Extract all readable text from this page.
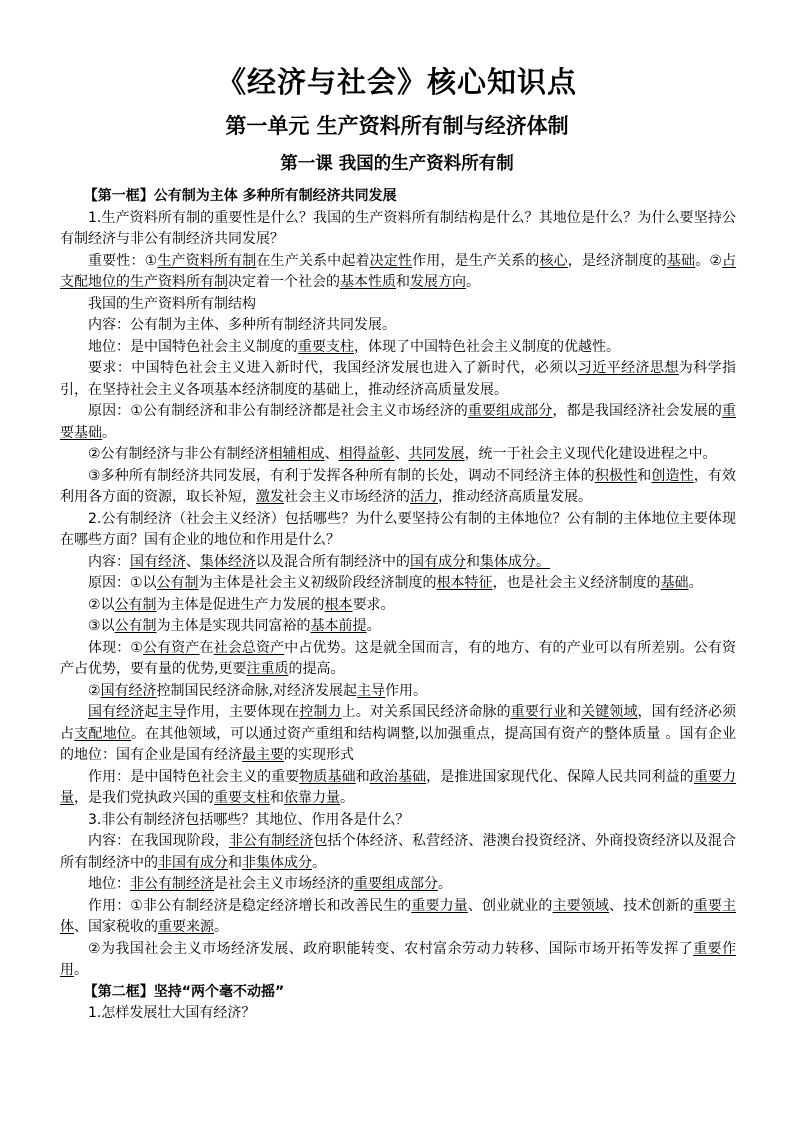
《经济与社会》核心知识点
第一单元 生产资料所有制与经济体制
第一课 我国的生产资料所有制

【第一框】公有制为主体 多种所有制经济共同发展

1.生产资料所有制的重要性是什么？我国的生产资料所有制结构是什么？其地位是什么？为什么要坚持公有制经济与非公有制经济共同发展？

重要性：①生产资料所有制在生产关系中起着决定性作用，是生产关系的核心，是经济制度的基础。②占支配地位的生产资料所有制决定着一个社会的基本性质和发展方向。

我国的生产资料所有制结构

内容：公有制为主体、多种所有制经济共同发展。

地位：是中国特色社会主义制度的重要支柱，体现了中国特色社会主义制度的优越性。

要求：中国特色社会主义进入新时代，我国经济发展也进入了新时代，必须以习近平经济思想为科学指引，在坚持社会主义各项基本经济制度的基础上，推动经济高质量发展。

原因：①公有制经济和非公有制经济都是社会主义市场经济的重要组成部分，都是我国经济社会发展的重要基础。

②公有制经济与非公有制经济相辅相成、相得益彰、共同发展，统一于社会主义现代化建设进程之中。

③多种所有制经济共同发展，有利于发挥各种所有制的长处，调动不同经济主体的积极性和创造性，有效利用各方面的资源，取长补短，激发社会主义市场经济的活力，推动经济高质量发展。

2.公有制经济（社会主义经济）包括哪些？为什么要坚持公有制的主体地位？公有制的主体地位主要体现在哪些方面？国有企业的地位和作用是什么？

内容：国有经济、集体经济以及混合所有制经济中的国有成分和集体成分。

原因：①以公有制为主体是社会主义初级阶段经济制度的根本特征，也是社会主义经济制度的基础。

②以公有制为主体是促进生产力发展的根本要求。

③以公有制为主体是实现共同富裕的基本前提。

体现：①公有资产在社会总资产中占优势。这是就全国而言，有的地方、有的产业可以有所差别。公有资产占优势，要有量的优势,更要注重质的提高。

②国有经济控制国民经济命脉,对经济发展起主导作用。

国有经济起主导作用，主要体现在控制力上。对关系国民经济命脉的重要行业和关键领域，国有经济必须占支配地位。在其他领域，可以通过资产重组和结构调整,以加强重点，提高国有资产的整体质量 。国有企业的地位：国有企业是国有经济最主要的实现形式

作用：是中国特色社会主义的重要物质基础和政治基础，是推进国家现代化、保障人民共同利益的重要力量，是我们党执政兴国的重要支柱和依靠力量。

3.非公有制经济包括哪些？其地位、作用各是什么？

内容：在我国现阶段，非公有制经济包括个体经济、私营经济、港澳台投资经济、外商投资经济以及混合所有制经济中的非国有成分和非集体成分。

地位：非公有制经济是社会主义市场经济的重要组成部分。

作用：①非公有制经济是稳定经济增长和改善民生的重要力量、创业就业的主要领域、技术创新的重要主体、国家税收的重要来源。

②为我国社会主义市场经济发展、政府职能转变、农村富余劳动力转移、国际市场开拓等发挥了重要作用。

【第二框】坚持“两个毫不动摇”

1.怎样发展壮大国有经济？
